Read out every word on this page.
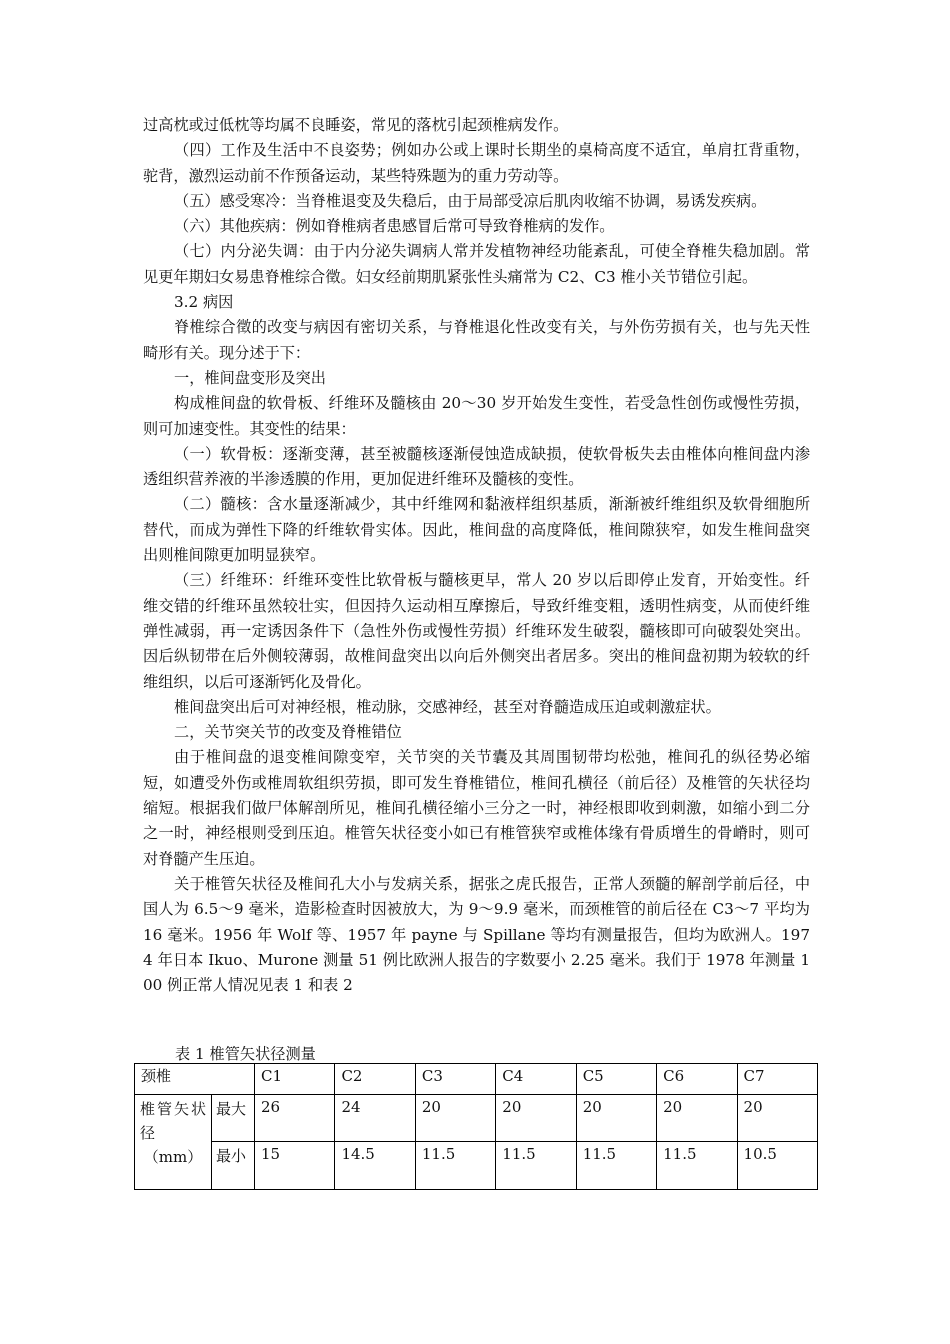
过高枕或过低枕等均属不良睡姿，常见的落枕引起颈椎病发作。

（四）工作及生活中不良姿势；例如办公或上课时长期坐的桌椅高度不适宜，单肩扛背重物，驼背，激烈运动前不作预备运动，某些特殊题为的重力劳动等。

（五）感受寒冷：当脊椎退变及失稳后，由于局部受凉后肌肉收缩不协调，易诱发疾病。

（六）其他疾病：例如脊椎病者患感冒后常可导致脊椎病的发作。

（七）内分泌失调：由于内分泌失调病人常并发植物神经功能紊乱，可使全脊椎失稳加剧。常见更年期妇女易患脊椎综合徵。妇女经前期肌紧张性头痛常为 C2、C3 椎小关节错位引起。

3.2 病因

脊椎综合徵的改变与病因有密切关系，与脊椎退化性改变有关，与外伤劳损有关，也与先天性畸形有关。现分述于下：

一，椎间盘变形及突出

构成椎间盘的软骨板、纤维环及髓核由 20～30 岁开始发生变性，若受急性创伤或慢性劳损，则可加速变性。其变性的结果：

（一）软骨板：逐渐变薄，甚至被髓核逐渐侵蚀造成缺损，使软骨板失去由椎体向椎间盘内渗透组织营养液的半渗透膜的作用，更加促进纤维环及髓核的变性。

（二）髓核：含水量逐渐减少，其中纤维网和黏液样组织基质，渐渐被纤维组织及软骨细胞所替代，而成为弹性下降的纤维软骨实体。因此，椎间盘的高度降低，椎间隙狭窄，如发生椎间盘突出则椎间隙更加明显狭窄。

（三）纤维环：纤维环变性比软骨板与髓核更早，常人 20 岁以后即停止发育，开始变性。纤维交错的纤维环虽然较壮实，但因持久运动相互摩擦后，导致纤维变粗，透明性病变，从而使纤维弹性减弱，再一定诱因条件下（急性外伤或慢性劳损）纤维环发生破裂，髓核即可向破裂处突出。因后纵韧带在后外侧较薄弱，故椎间盘突出以向后外侧突出者居多。突出的椎间盘初期为较软的纤维组织，以后可逐渐钙化及骨化。

椎间盘突出后可对神经根，椎动脉，交感神经，甚至对脊髓造成压迫或刺激症状。

二，关节突关节的改变及脊椎错位

由于椎间盘的退变椎间隙变窄，关节突的关节囊及其周围韧带均松弛，椎间孔的纵径势必缩短，如遭受外伤或椎周软组织劳损，即可发生脊椎错位，椎间孔横径（前后径）及椎管的矢状径均缩短。根据我们做尸体解剖所见，椎间孔横径缩小三分之一时，神经根即收到刺激，如缩小到二分之一时，神经根则受到压迫。椎管矢状径变小如已有椎管狭窄或椎体缘有骨质增生的骨嵴时，则可对脊髓产生压迫。

关于椎管矢状径及椎间孔大小与发病关系，据张之虎氏报告，正常人颈髓的解剖学前后径，中国人为 6.5～9 毫米，造影检查时因被放大，为 9～9.9 毫米，而颈椎管的前后径在 C3～7 平均为 16 毫米。1956 年 Wolf 等、1957 年 payne 与 Spillane 等均有测量报告，但均为欧洲人。1974 年日本 Ikuo、Murone 测量 51 例比欧洲人报告的字数要小 2.25 毫米。我们于 1978 年测量 100 例正常人情况见表 1 和表 2

表 1 椎管矢状径测量
颈椎		C1	C2	C3	C4	C5	C6	C7
椎管矢状径
（mm）	最大	26	24	20	20	20	20	20
	最小	15	14.5	11.5	11.5	11.5	11.5	10.5
